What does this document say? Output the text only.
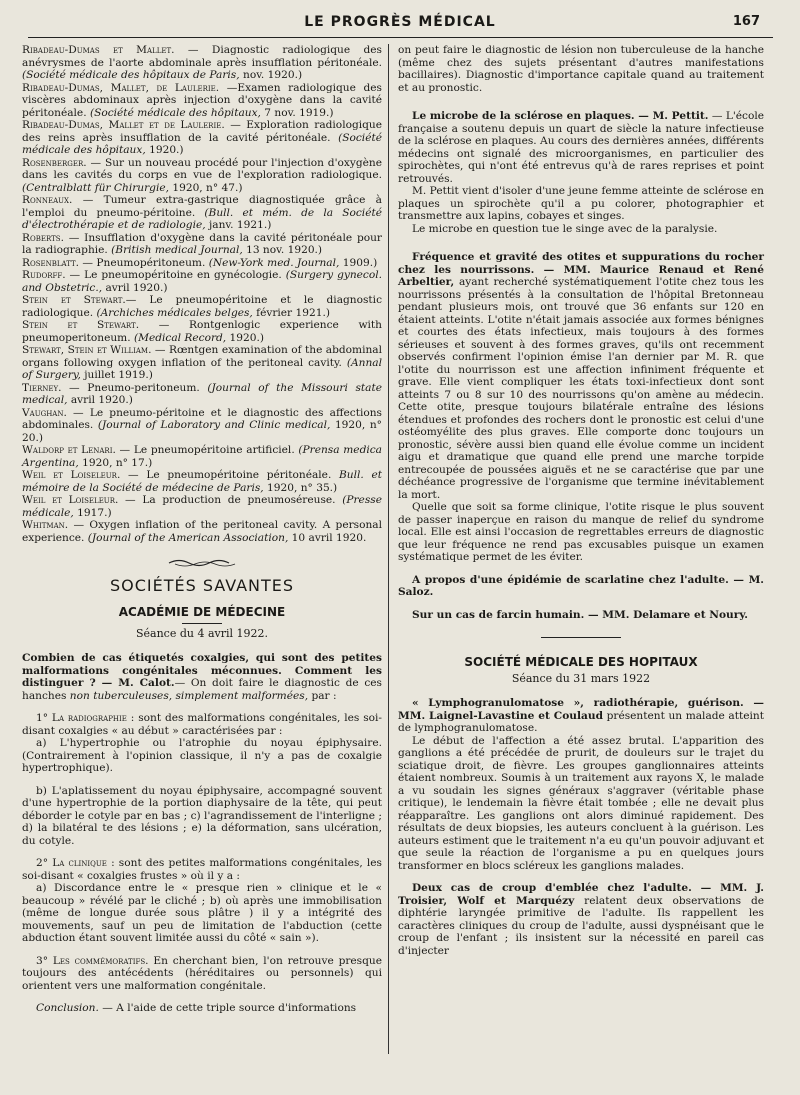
LE PROGRÈS MÉDICAL	167

Ribadeau-Dumas et Mallet. — Diagnostic radiologique des anévrysmes de l'aorte abdominale après insufflation péritonéale. (Société médicale des hôpitaux de Paris, nov. 1920.)

Ribadeau-Dumas, Mallet, de Laulerie. —Examen radiologique des viscères abdominaux après injection d'oxygène dans la cavité péritonéale. (Société médicale des hôpitaux, 7 nov. 1919.)

Ribadeau-Dumas, Mallet et de Laulerie. — Exploration radiologique des reins après insufflation de la cavité péritonéale. (Société médicale des hôpitaux, 1920.)

Rosenberger. — Sur un nouveau procédé pour l'injection d'oxygène dans les cavités du corps en vue de l'exploration radiologique. (Centralblatt für Chirurgie, 1920, n° 47.)

Ronneaux. — Tumeur extra-gastrique diagnostiquée grâce à l'emploi du pneumo-péritoine. (Bull. et mém. de la Société d'électrothérapie et de radiologie, janv. 1921.)

Roberts. — Insufflation d'oxygène dans la cavité péritonéale pour la radiographie. (British medical Journal, 13 nov. 1920.)

Rosenblatt. — Pneumopéritoneum. (New-York med. Journal, 1909.)

Rudorff. — Le pneumopéritoine en gynécologie. (Surgery gynecol. and Obstetric., avril 1920.)

Stein et Stewart.— Le pneumopéritoine et le diagnostic radiologique. (Archiches médicales belges, février 1921.)

Stein et Stewart. — Rontgenlogic experience with pneumoperitoneum. (Medical Record, 1920.)

Stewart, Stein et William. — Rœntgen examination of the abdominal organs following oxygen inflation of the peritoneal cavity. (Annal of Surgery, juillet 1919.)

Tierney. — Pneumo-peritoneum. (Journal of the Missouri state medical, avril 1920.)

Vaughan. — Le pneumo-péritoine et le diagnostic des affections abdominales. (Journal of Laboratory and Clinic medical, 1920, n° 20.)

Waldorp et Lenari. — Le pneumopéritoine artificiel. (Prensa medica Argentina, 1920, n° 17.)

Weil et Loiseleur. — Le pneumopéritoine péritonéale. Bull. et mémoire de la Société de médecine de Paris, 1920, n° 35.)

Weil et Loiseleur. — La production de pneumoséreuse. (Presse médicale, 1917.)

Whitman. — Oxygen inflation of the peritoneal cavity. A personal experience. (Journal of the American Association, 10 avril 1920.

SOCIÉTÉS SAVANTES
ACADÉMIE DE MÉDECINE
Séance du 4 avril 1922.

Combien de cas étiquetés coxalgies, qui sont des petites malformations congénitales méconnues. Comment les distinguer ? — M. Calot.— On doit faire le diagnostic de ces hanches non tuberculeuses, simplement malformées, par :

1° La radiographie : sont des malformations congénitales, les soi-disant coxalgies « au début » caractérisées par :

a) L'hypertrophie ou l'atrophie du noyau épiphysaire. (Contrairement à l'opinion classique, il n'y a pas de coxalgie hypertrophique).

b) L'aplatissement du noyau épiphysaire, accompagné souvent d'une hypertrophie de la portion diaphysaire de la tête, qui peut déborder le cotyle par en bas ; c) l'agrandissement de l'interligne ; d) la bilatéral te des lésions ; e) la déformation, sans ulcération, du cotyle.

2° La clinique : sont des petites malformations congénitales, les soi-disant « coxalgies frustes » où il y a :

a) Discordance entre le « presque rien » clinique et le « beaucoup » révélé par le cliché ; b) où après une immobilisation (même de longue durée sous plâtre ) il y a intégrité des mouvements, sauf un peu de limitation de l'abduction (cette abduction étant souvent limitée aussi du côté « sain »).

3° Les commémoratifs. En cherchant bien, l'on retrouve presque toujours des antécédents (héréditaires ou personnels) qui orientent vers une malformation congénitale.

Conclusion. — A l'aide de cette triple source d'informations

on peut faire le diagnostic de lésion non tuberculeuse de la hanche (même chez des sujets présentant d'autres manifestations bacillaires). Diagnostic d'importance capitale quand au traitement et au pronostic.

Le microbe de la sclérose en plaques. — M. Pettit. — L'école française a soutenu depuis un quart de siècle la nature infectieuse de la sclérose en plaques. Au cours des dernières années, différents médecins ont signalé des microorganismes, en particulier des spirochètes, qui n'ont été entrevus qu'à de rares reprises et point retrouvés.

M. Pettit vient d'isoler d'une jeune femme atteinte de sclérose en plaques un spirochète qu'il a pu colorer, photographier et transmettre aux lapins, cobayes et singes.

Le microbe en question tue le singe avec de la paralysie.

Fréquence et gravité des otites et suppurations du rocher chez les nourrissons. — MM. Maurice Renaud et René Arbeltier, ayant recherché systématiquement l'otite chez tous les nourrissons présentés à la consultation de l'hôpital Bretonneau pendant plusieurs mois, ont trouvé que 36 enfants sur 120 en étaient atteints. L'otite n'était jamais associée aux formes bénignes et courtes des états infectieux, mais toujours à des formes sérieuses et souvent à des formes graves, qu'ils ont recemment observés confirment l'opinion émise l'an dernier par M. R. que l'otite du nourrisson est une affection infiniment fréquente et grave. Elle vient compliquer les états toxi-infectieux dont sont atteints 7 ou 8 sur 10 des nourrissons qu'on amène au médecin. Cette otite, presque toujours bilatérale entraîne des lésions étendues et profondes des rochers dont le pronostic est celui d'une ostéomyélite des plus graves. Elle comporte donc toujours un pronostic, sévère aussi bien quand elle évolue comme un incident aigu et dramatique que quand elle prend une marche torpide entrecoupée de poussées aiguës et ne se caractérise que par une déchéance progressive de l'organisme que termine inévitablement la mort.

Quelle que soit sa forme clinique, l'otite risque le plus souvent de passer inaperçue en raison du manque de relief du syndrome local. Elle est ainsi l'occasion de regrettables erreurs de diagnostic que leur fréquence ne rend pas excusables puisque un examen systématique permet de les éviter.

A propos d'une épidémie de scarlatine chez l'adulte. — M. Saloz.

Sur un cas de farcin humain. — MM. Delamare et Noury.

SOCIÉTÉ MÉDICALE DES HOPITAUX
Séance du 31 mars 1922

« Lymphogranulomatose », radiothérapie, guérison. — MM. Laignel-Lavastine et Coulaud présentent un malade atteint de lymphogranulomatose.

Le début de l'affection a été assez brutal. L'apparition des ganglions a été précédée de prurit, de douleurs sur le trajet du sciatique droit, de fièvre. Les groupes ganglionnaires atteints étaient nombreux. Soumis à un traitement aux rayons X, le malade a vu soudain les signes généraux s'aggraver (véritable phase critique), le lendemain la fièvre était tombée ; elle ne devait plus réapparaître. Les ganglions ont alors diminué rapidement. Des résultats de deux biopsies, les auteurs concluent à la guérison. Les auteurs estiment que le traitement n'a eu qu'un pouvoir adjuvant et que seule la réaction de l'organisme a pu en quelques jours transformer en blocs scléreux les ganglions malades.

Deux cas de croup d'emblée chez l'adulte. — MM. J. Troisier, Wolf et Marquézy relatent deux observations de diphtérie laryngée primitive de l'adulte. Ils rappellent les caractères cliniques du croup de l'adulte, aussi dyspnéisant que le croup de l'enfant ; ils insistent sur la nécessité en pareil cas d'injecter
